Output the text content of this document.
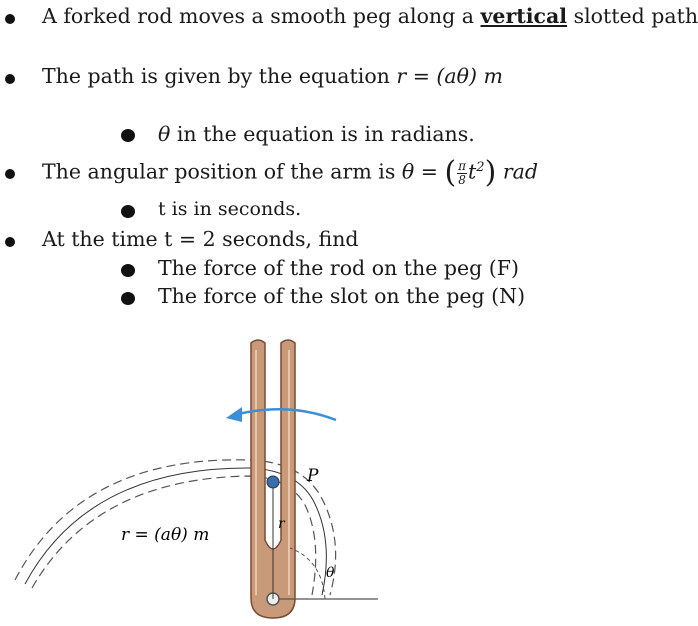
A forked rod moves a smooth peg along a vertical slotted path
The path is given by the equation r = (aθ) m
θ in the equation is in radians.
The angular position of the arm is θ = ( $\frac{\pi}{8} t^2$) rad
t is in seconds.
At the time t = 2 seconds, find
The force of the rod on the peg (F)
The force of the slot on the peg (N)
P
r
θ
r = (aθ) m
